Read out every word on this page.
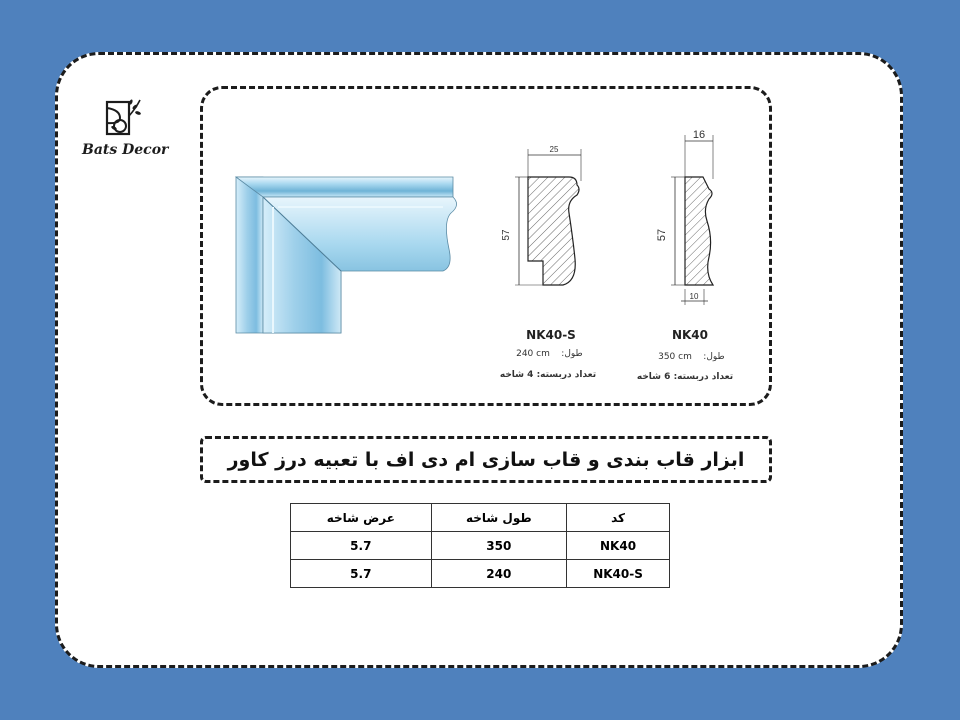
Bats Decor	25
57
NK40-S
240 cm طول:
تعداد دربسته: 4 شاخه
16
57
10
NK40
350 cm طول:
تعداد دربسته: 6 شاخه
ابزار قاب بندی و قاب سازی ام دی اف با تعبیه درز کاور
عرض شاخه	طول شاخه	کد
5.7	350	NK40
5.7	240	NK40-S
